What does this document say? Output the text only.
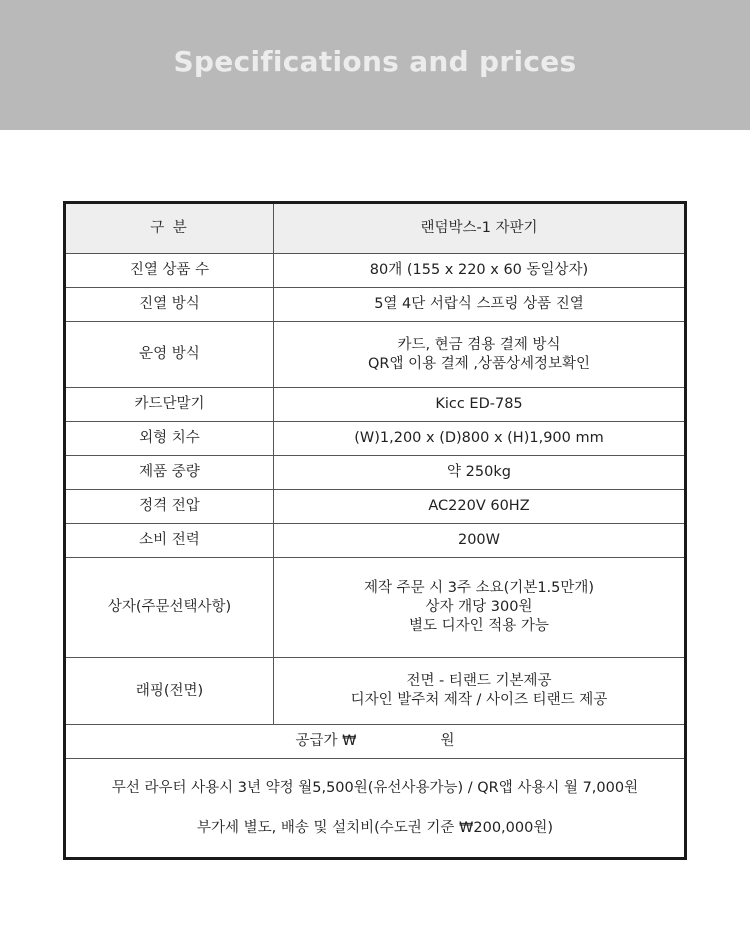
Specifications and prices
구 분	랜덤박스-1 자판기
진열 상품 수	80개 (155 x 220 x 60 동일상자)

진열 방식	5열 4단 서랍식 스프링 상품 진열

운영 방식	카드, 현금 겸용 결제 방식
QR앱 이용 결제 ,상품상세정보확인

카드단말기	Kicc ED-785

외형 치수	(W)1,200 x (D)800 x (H)1,900 mm

제품 중량	약 250kg

정격 전압	AC220V 60HZ

소비 전력	200W

상자(주문선택사항)	제작 주문 시 3주 소요(기본1.5만개)
상자 개당 300원
별도 디자인 적용 가능

래핑(전면)	전면 - 티랜드 기본제공
디자인 발주처 제작 / 사이즈 티랜드 제공

공급가 ₩ 원	

무선 라우터 사용시 3년 약정 월5,500원(유선사용가능) / QR앱 사용시 월 7,000원

부가세 별도, 배송 및 설치비(수도권 기준 ₩200,000원)	
